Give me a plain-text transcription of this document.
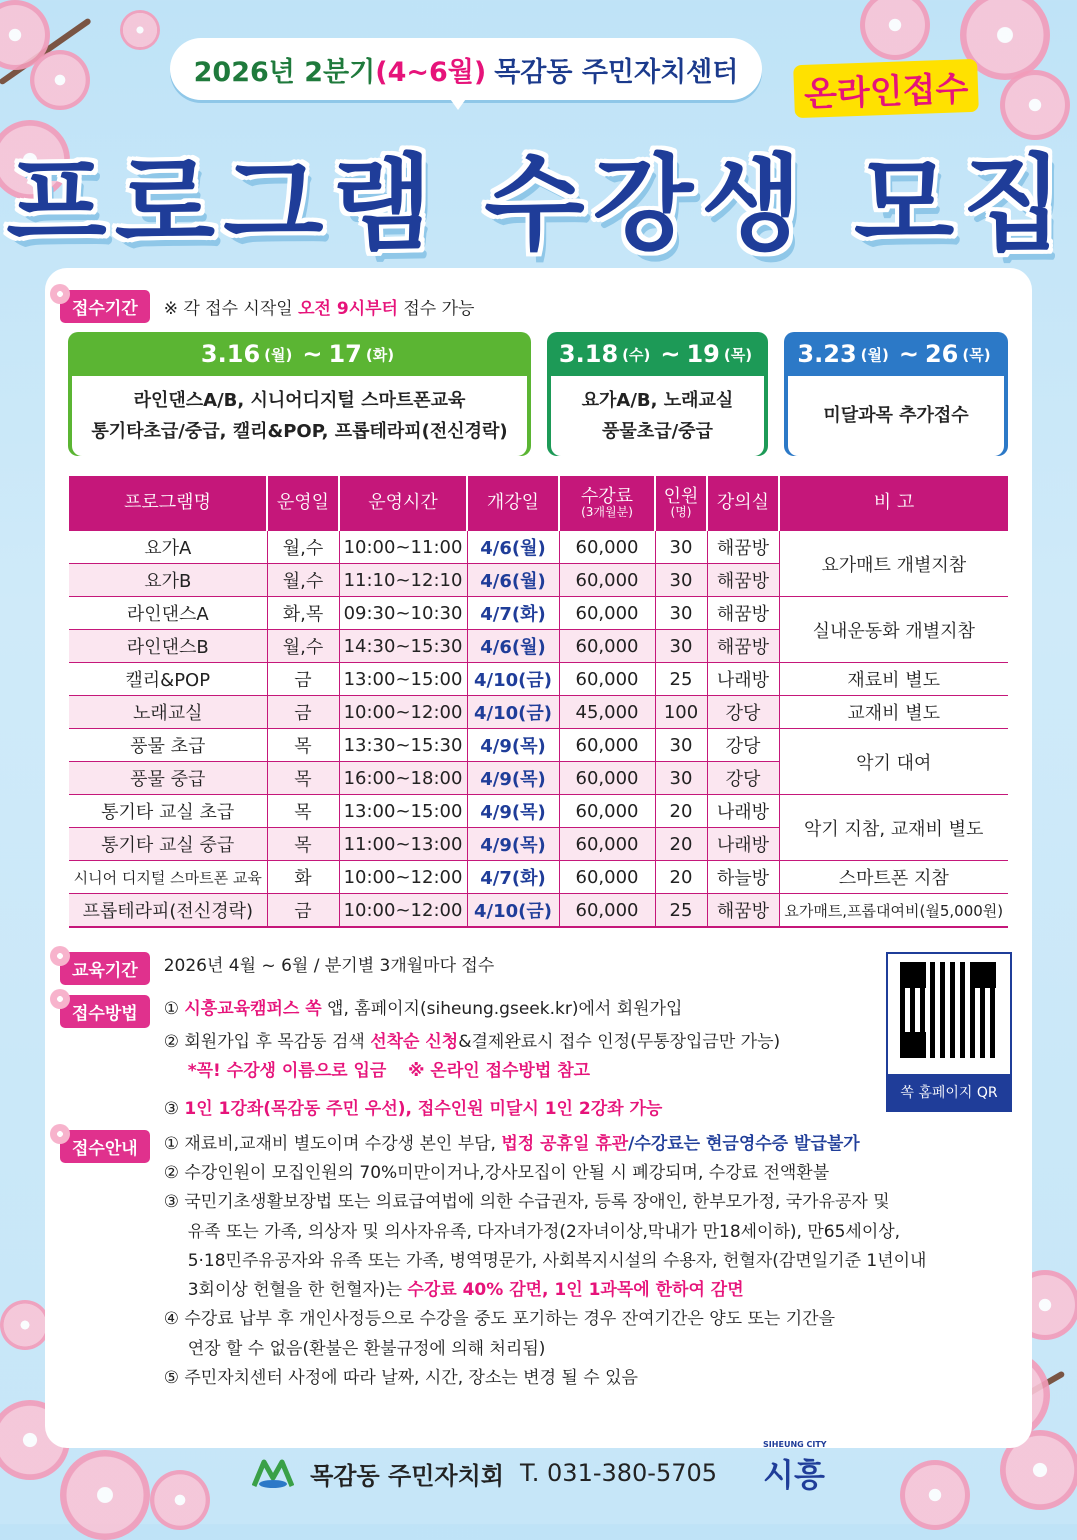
2026년 2분기 (4~6월) 목감동 주민자치센터	온라인접수
프로그램 수강생 모집
접수기간	※ 각 접수 시작일 오전 9시부터 접수 가능
3.16 (월) ~ 17 (화)
라인댄스A/B, 시니어디지털 스마트폰교육
통기타초급/중급, 캘리&POP, 프롭테라피(전신경락)
3.18 (수) ~ 19 (목)
요가A/B, 노래교실
풍물초급/중급
3.23 (월) ~ 26 (목)
미달과목 추가접수
프로그램명	운영일	운영시간	개강일	수강료
(3개월분)	인원
(명)	강의실	비 고
요가A	월,수	10:00~11:00	4/6(월)	60,000	30	해꿈방	요가매트 개별지참
요가B	월,수	11:10~12:10	4/6(월)	60,000	30	해꿈방	
라인댄스A	화,목	09:30~10:30	4/7(화)	60,000	30	해꿈방	실내운동화 개별지참
라인댄스B	월,수	14:30~15:30	4/6(월)	60,000	30	해꿈방	
캘리&POP	금	13:00~15:00	4/10(금)	60,000	25	나래방	재료비 별도
노래교실	금	10:00~12:00	4/10(금)	45,000	100	강당	교재비 별도
풍물 초급	목	13:30~15:30	4/9(목)	60,000	30	강당	악기 대여
풍물 중급	목	16:00~18:00	4/9(목)	60,000	30	강당	
통기타 교실 초급	목	13:00~15:00	4/9(목)	60,000	20	나래방	악기 지참, 교재비 별도
통기타 교실 중급	목	11:00~13:00	4/9(목)	60,000	20	나래방	
시니어 디지털 스마트폰 교육	화	10:00~12:00	4/7(화)	60,000	20	하늘방	스마트폰 지참
프롭테라피(전신경락)	금	10:00~12:00	4/10(금)	60,000	25	해꿈방	요가매트,프롭대여비(월5,000원)
교육기간	2026년 4월 ~ 6월 / 분기별 3개월마다 접수
접수방법	① 시흥교육캠퍼스 쏙 앱, 홈페이지(siheung.gseek.kr)에서 회원가입
② 회원가입 후 목감동 검색 선착순 신청&결제완료시 접수 인정(무통장입금만 가능)
*꼭! 수강생 이름으로 입금 ※ 온라인 접수방법 참고
③ 1인 1강좌(목감동 주민 우선), 접수인원 미달시 1인 2강좌 가능
쏙 홈페이지 QR
접수안내	① 재료비,교재비 별도이며 수강생 본인 부담, 법정 공휴일 휴관/수강료는 현금영수증 발급불가
② 수강인원이 모집인원의 70%미만이거나,강사모집이 안될 시 폐강되며, 수강료 전액환불
③ 국민기초생활보장법 또는 의료급여법에 의한 수급권자, 등록 장애인, 한부모가정, 국가유공자 및
유족 또는 가족, 의상자 및 의사자유족, 다자녀가정(2자녀이상,막내가 만18세이하), 만65세이상,
5·18민주유공자와 유족 또는 가족, 병역명문가, 사회복지시설의 수용자, 헌혈자(감면일기준 1년이내
3회이상 헌혈을 한 헌혈자)는 수강료 40% 감면, 1인 1과목에 한하여 감면
④ 수강료 납부 후 개인사정등으로 수강을 중도 포기하는 경우 잔여기간은 양도 또는 기간을
연장 할 수 없음(환불은 환불규정에 의해 처리됨)
⑤ 주민자치센터 사정에 따라 날짜, 시간, 장소는 변경 될 수 있음
목감동 주민자치회 T. 031-380-5705
SIHEUNG CITY
시흥
